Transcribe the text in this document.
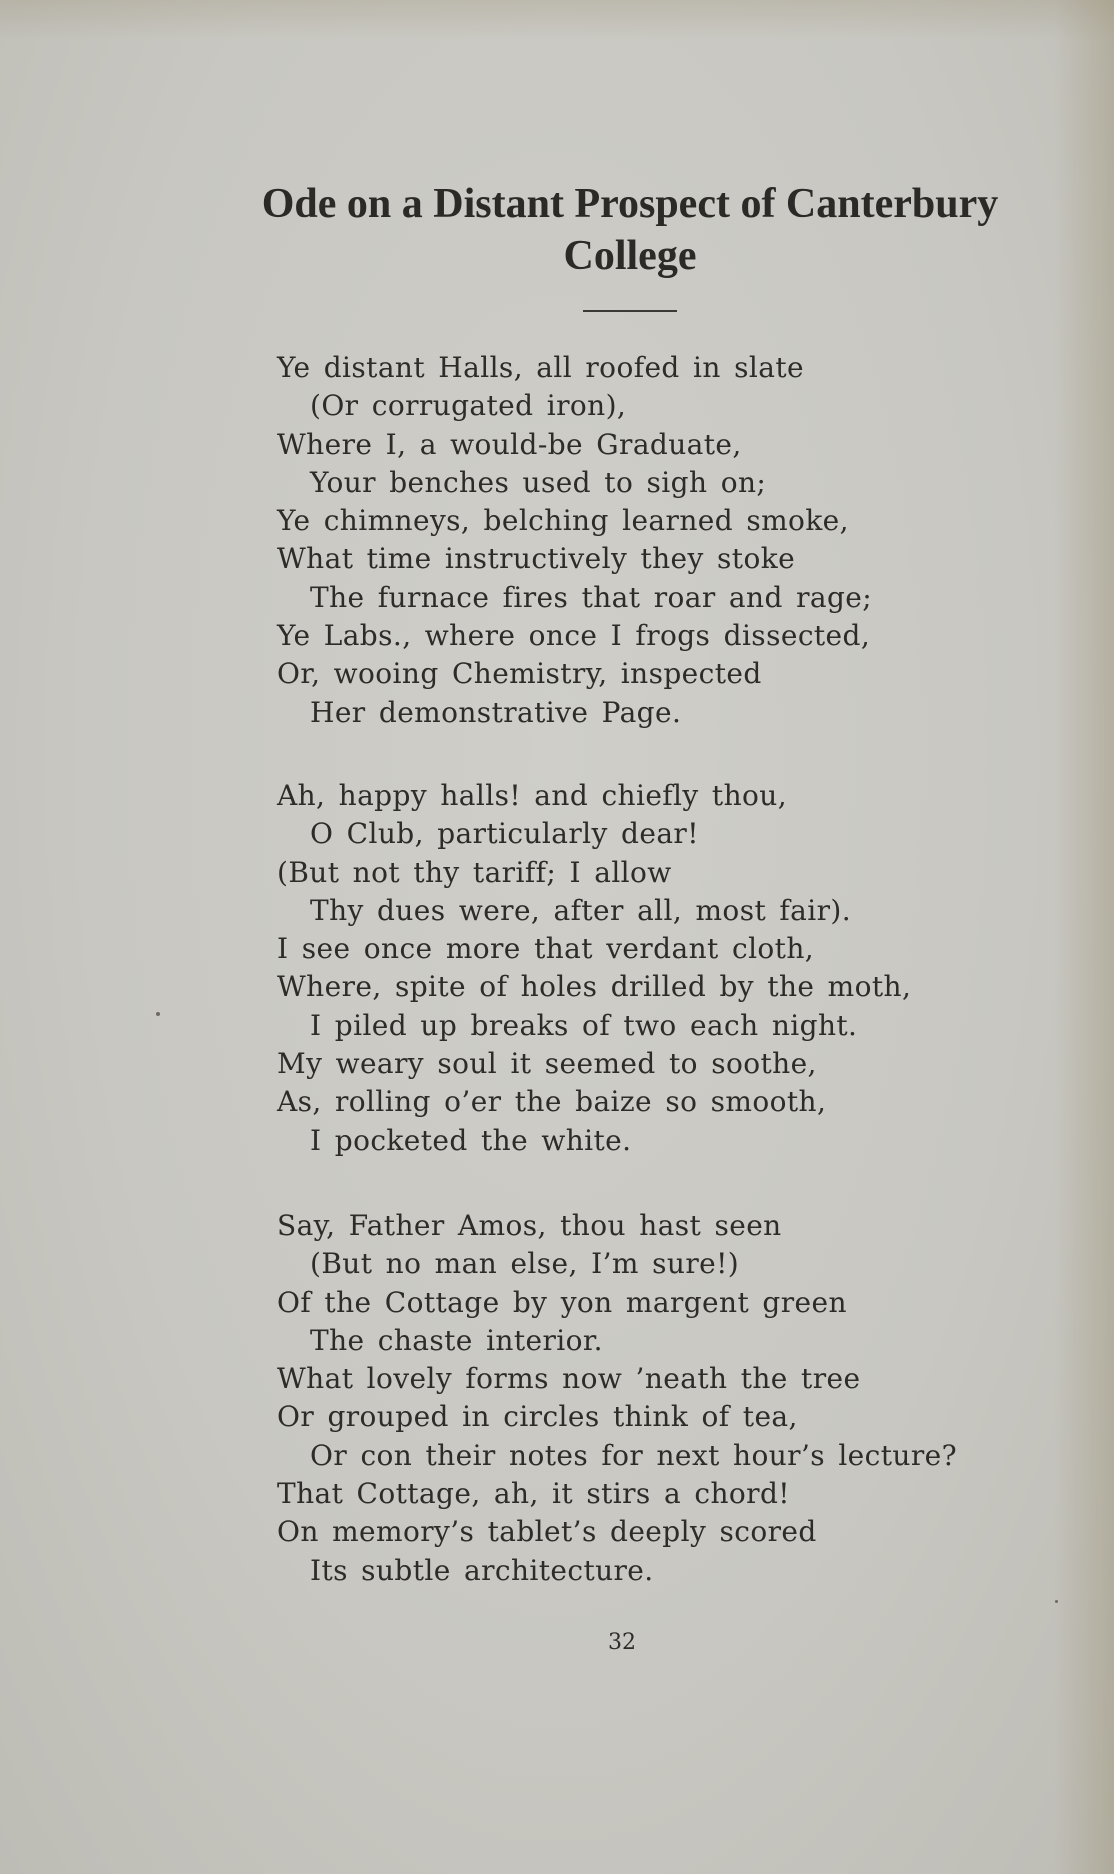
Ode on a Distant Prospect of Canterbury College
Ye distant Halls, all roofed in slate
(Or corrugated iron),
Where I, a would-be Graduate,
Your benches used to sigh on;
Ye chimneys, belching learned smoke,
What time instructively they stoke
The furnace fires that roar and rage;
Ye Labs., where once I frogs dissected,
Or, wooing Chemistry, inspected
Her demonstrative Page.
Ah, happy halls! and chiefly thou,
O Club, particularly dear!
(But not thy tariff; I allow
Thy dues were, after all, most fair).
I see once more that verdant cloth,
Where, spite of holes drilled by the moth,
I piled up breaks of two each night.
My weary soul it seemed to soothe,
As, rolling o’er the baize so smooth,
I pocketed the white.
Say, Father Amos, thou hast seen
(But no man else, I’m sure!)
Of the Cottage by yon margent green
The chaste interior.
What lovely forms now ’neath the tree
Or grouped in circles think of tea,
Or con their notes for next hour’s lecture?
That Cottage, ah, it stirs a chord!
On memory’s tablet’s deeply scored
Its subtle architecture.
32
